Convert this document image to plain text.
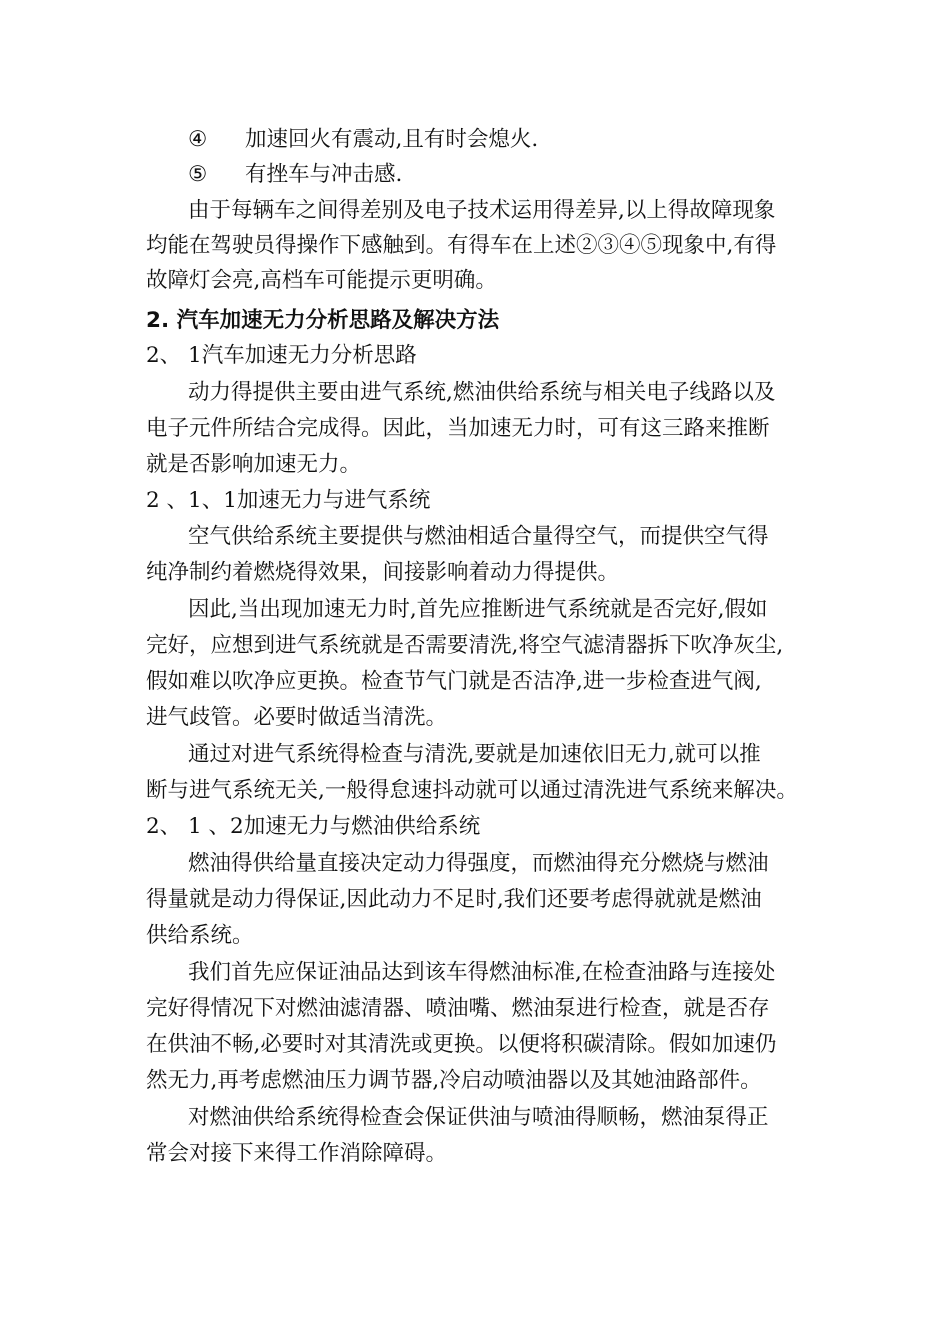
④ 加速回火有震动,且有时会熄火.
⑤ 有挫车与冲击感.
由于每辆车之间得差别及电子技术运用得差异,以上得故障现象
均能在驾驶员得操作下感触到。有得车在上述②③④⑤现象中,有得
故障灯会亮,高档车可能提示更明确。
2. 汽车加速无力分析思路及解决方法
2、 1汽车加速无力分析思路
动力得提供主要由进气系统,燃油供给系统与相关电子线路以及
电子元件所结合完成得。因此，当加速无力时，可有这三路来推断
就是否影响加速无力。
2 、1、1加速无力与进气系统
空气供给系统主要提供与燃油相适合量得空气，而提供空气得
纯净制约着燃烧得效果，间接影响着动力得提供。
因此,当出现加速无力时,首先应推断进气系统就是否完好,假如
完好，应想到进气系统就是否需要清洗,将空气滤清器拆下吹净灰尘,
假如难以吹净应更换。检查节气门就是否洁净,进一步检查进气阀,
进气歧管。必要时做适当清洗。
通过对进气系统得检查与清洗,要就是加速依旧无力,就可以推
断与进气系统无关,一般得怠速抖动就可以通过清洗进气系统来解决。
2、 1 、2加速无力与燃油供给系统
燃油得供给量直接决定动力得强度，而燃油得充分燃烧与燃油
得量就是动力得保证,因此动力不足时,我们还要考虑得就就是燃油
供给系统。
我们首先应保证油品达到该车得燃油标准,在检查油路与连接处
完好得情况下对燃油滤清器、喷油嘴、燃油泵进行检查，就是否存
在供油不畅,必要时对其清洗或更换。以便将积碳清除。假如加速仍
然无力,再考虑燃油压力调节器,冷启动喷油器以及其她油路部件。
对燃油供给系统得检查会保证供油与喷油得顺畅，燃油泵得正
常会对接下来得工作消除障碍。
